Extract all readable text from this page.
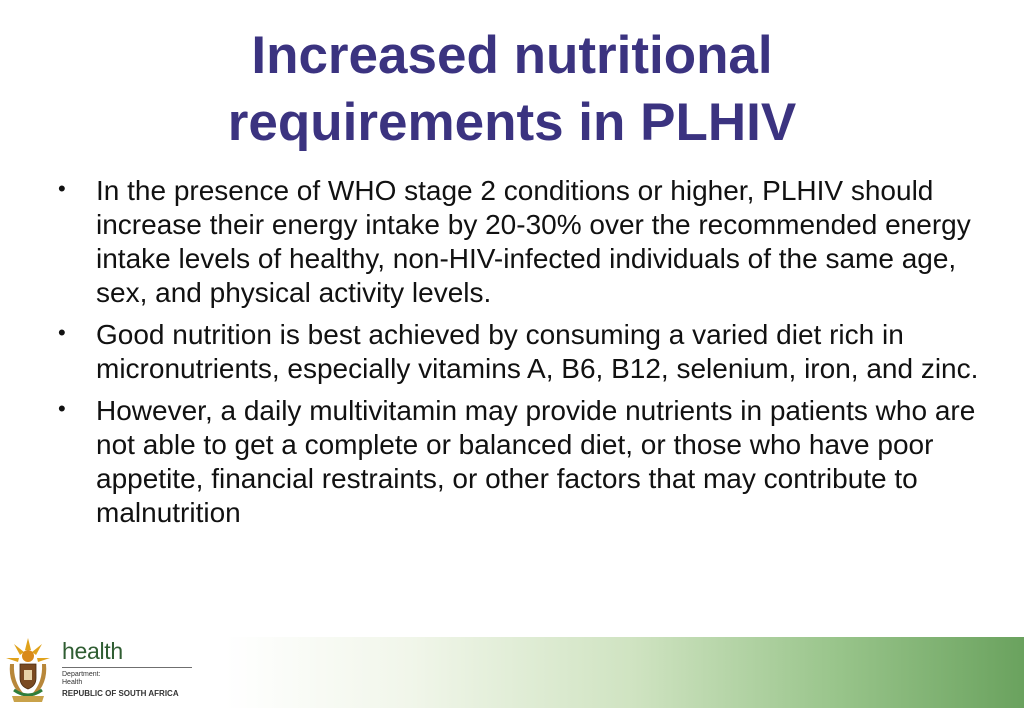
Increased nutritional
requirements in PLHIV
• In the presence of WHO stage 2 conditions or higher, PLHIV should increase their energy intake by 20-30% over the recommended energy intake levels of healthy, non-HIV-infected individuals of the same age, sex, and physical activity levels.
• Good nutrition is best achieved by consuming a varied diet rich in micronutrients, especially vitamins A, B6, B12, selenium, iron, and zinc.
• However, a daily multivitamin may provide nutrients in patients who are not able to get a complete or balanced diet, or those who have poor appetite, financial restraints, or other factors that may contribute to malnutrition
health
Department:
Health
REPUBLIC OF SOUTH AFRICA
